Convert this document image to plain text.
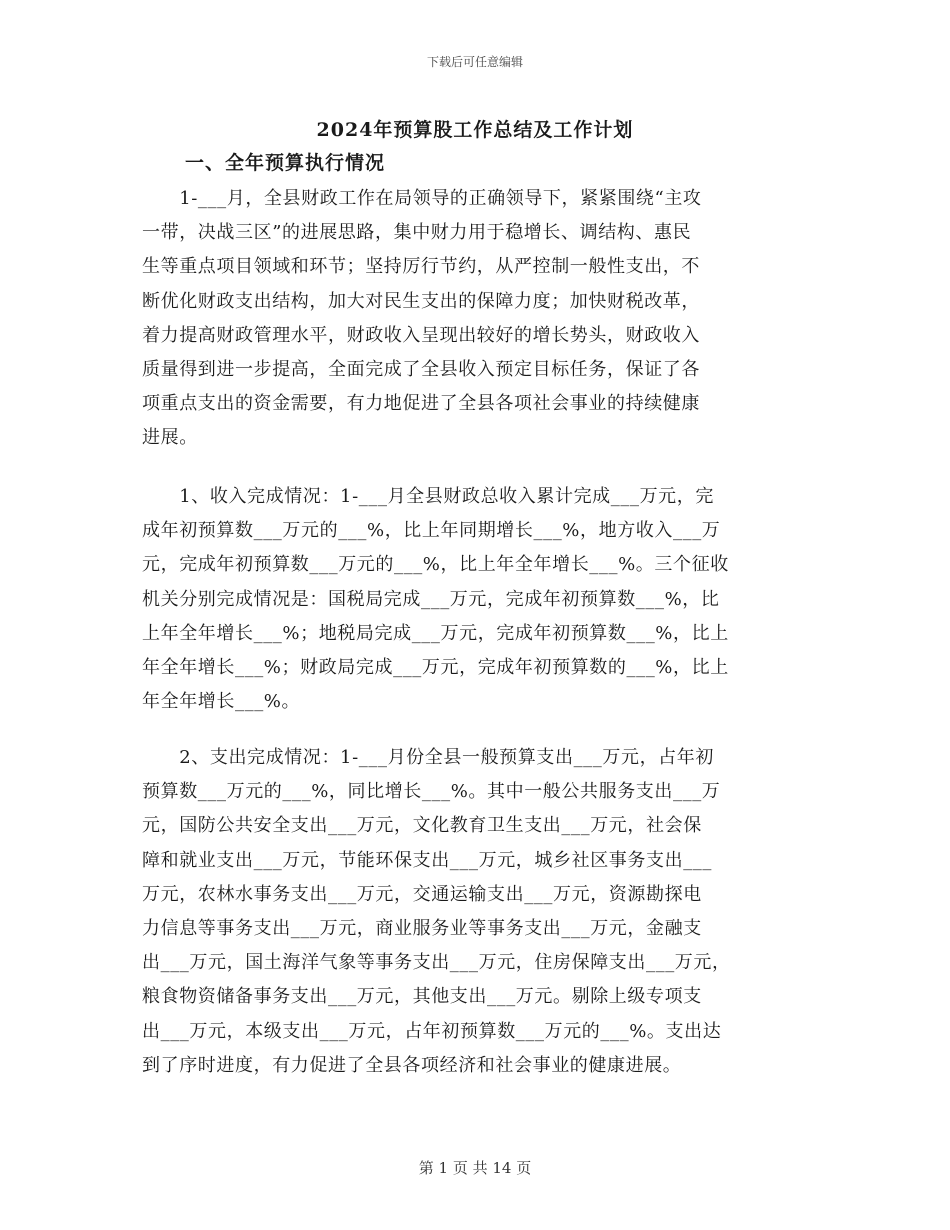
下载后可任意编辑
2024年预算股工作总结及工作计划
一、全年预算执行情况
　　1-___月，全县财政工作在局领导的正确领导下，紧紧围绕“主攻
一带，决战三区”的进展思路，集中财力用于稳增长、调结构、惠民
生等重点项目领域和环节；坚持厉行节约，从严控制一般性支出，不
断优化财政支出结构，加大对民生支出的保障力度；加快财税改革，
着力提高财政管理水平，财政收入呈现出较好的增长势头，财政收入
质量得到进一步提高，全面完成了全县收入预定目标任务，保证了各
项重点支出的资金需要，有力地促进了全县各项社会事业的持续健康
进展。
　　1、收入完成情况：1-___月全县财政总收入累计完成___万元，完
成年初预算数___万元的___%，比上年同期增长___%，地方收入___万
元，完成年初预算数___万元的___%，比上年全年增长___%。三个征收
机关分别完成情况是：国税局完成___万元，完成年初预算数___%，比
上年全年增长___%；地税局完成___万元，完成年初预算数___%，比上
年全年增长___%；财政局完成___万元，完成年初预算数的___%，比上
年全年增长___%。
　　2、支出完成情况：1-___月份全县一般预算支出___万元，占年初
预算数___万元的___%，同比增长___%。其中一般公共服务支出___万
元，国防公共安全支出___万元，文化教育卫生支出___万元，社会保
障和就业支出___万元，节能环保支出___万元，城乡社区事务支出___
万元，农林水事务支出___万元，交通运输支出___万元，资源勘探电
力信息等事务支出___万元，商业服务业等事务支出___万元，金融支
出___万元，国土海洋气象等事务支出___万元，住房保障支出___万元，
粮食物资储备事务支出___万元，其他支出___万元。剔除上级专项支
出___万元，本级支出___万元，占年初预算数___万元的___%。支出达
到了序时进度，有力促进了全县各项经济和社会事业的健康进展。
第 1 页 共 14 页
